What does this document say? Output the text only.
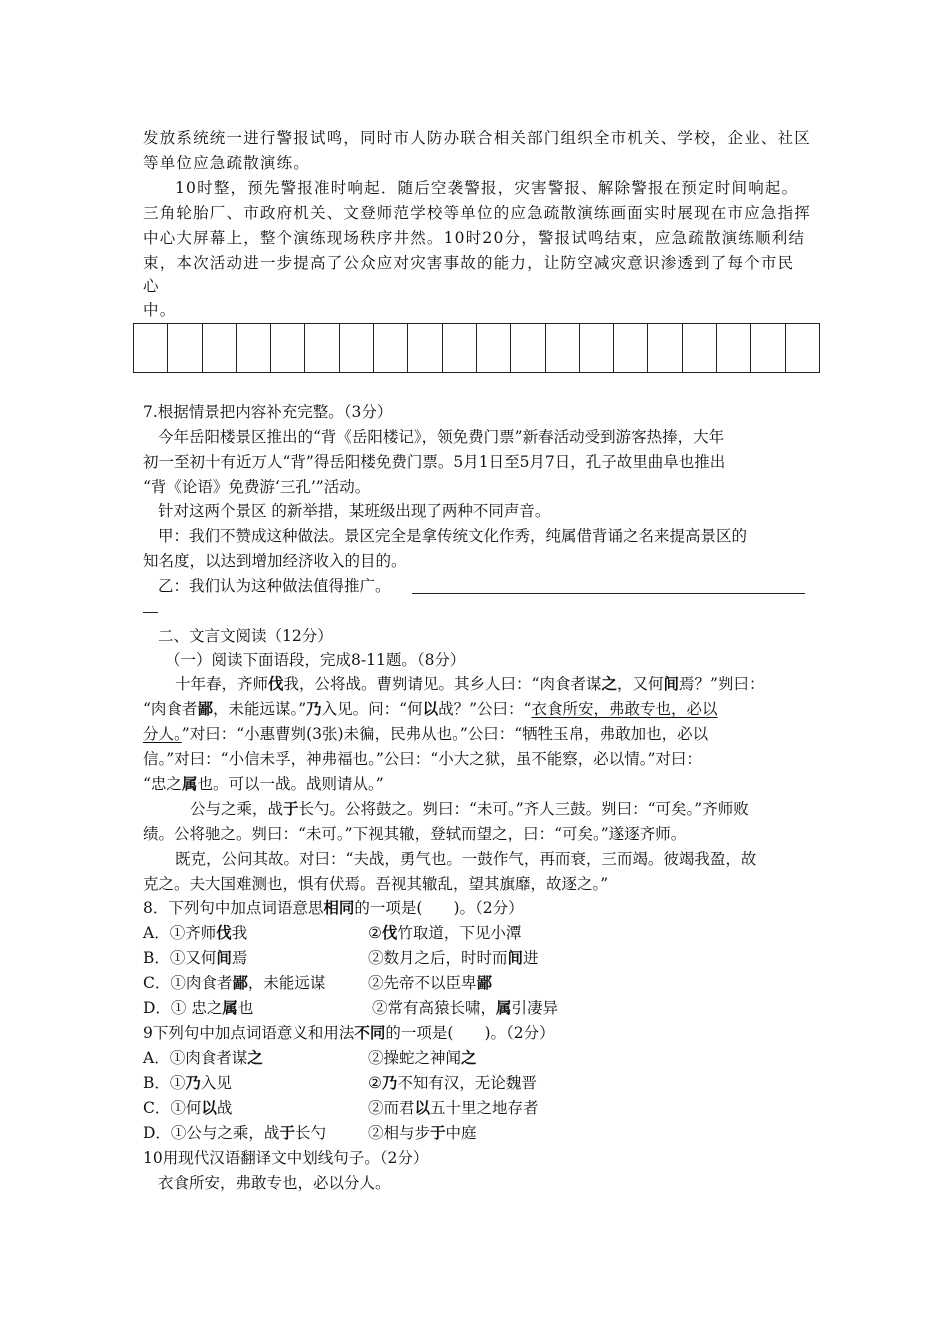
发放系统统一进行警报试鸣，同时市人防办联合相关部门组织全市机关、学校，企业、社区
等单位应急疏散演练。
10时整，预先警报准时响起．随后空袭警报，灾害警报、解除警报在预定时间响起。
三角轮胎厂、市政府机关、文登师范学校等单位的应急疏散演练画面实时展现在市应急指挥
中心大屏幕上，整个演练现场秩序井然。10时20分，警报试鸣结束，应急疏散演练顺利结
束，本次活动进一步提高了公众应对灾害事故的能力，让防空减灾意识渗透到了每个市民
心
中。
7.根据情景把内容补充完整。（3分）
今年岳阳楼景区推出的“背《岳阳楼记》，领免费门票”新春活动受到游客热捧，大年
初一至初十有近万人“背”得岳阳楼免费门票。5月1日至5月7日，孔子故里曲阜也推出
“背《论语》免费游‘三孔’”活动。
针对这两个景区 的新举措，某班级出现了两种不同声音。
甲：我们不赞成这种做法。景区完全是拿传统文化作秀，纯属借背诵之名来提高景区的
知名度，以达到增加经济收入的目的。
乙：我们认为这种做法值得推广。
二、文言文阅读（12分）
（一）阅读下面语段，完成8-11题。（8分）
十年春，齐师伐我，公将战。曹刿请见。其乡人曰：“肉食者谋之，又何间焉？”刿曰：
“肉食者鄙，未能远谋。”乃入见。问：“何以战？”公曰：“衣食所安，弗敢专也，必以
分人。”对曰：“小惠曹刿(3张)未徧，民弗从也。”公曰：“牺牲玉帛，弗敢加也，必以
信。”对曰：“小信未孚，神弗福也。”公曰：“小大之狱，虽不能察，必以情。”对曰：
“忠之属也。可以一战。战则请从。”
公与之乘，战于长勺。公将鼓之。刿曰：“未可。”齐人三鼓。刿曰：“可矣。”齐师败
绩。公将驰之。刿曰：“未可。”下视其辙，登轼而望之，曰：“可矣。”遂逐齐师。
既克，公问其故。对曰：“夫战，勇气也。一鼓作气，再而衰，三而竭。彼竭我盈，故
克之。夫大国难测也，惧有伏焉。吾视其辙乱，望其旗靡，故逐之。”
8．下列句中加点词语意思相同的一项是(　　)。（2分）
A．①齐师伐我	②伐竹取道，下见小潭
B．①又何间焉	②数月之后，时时而间进
C．①肉食者鄙，未能远谋	②先帝不以臣卑鄙
D．① 忠之属也	②常有高猿长啸，属引凄异
9下列句中加点词语意义和用法不同的一项是(　　)。（2分）
A．①肉食者谋之	②操蛇之神闻之
B．①乃入见	②乃不知有汉，无论魏晋
C．①何以战	②而君以五十里之地存者
D．①公与之乘，战于长勺	②相与步于中庭
10用现代汉语翻译文中划线句子。（2分）
衣食所安，弗敢专也，必以分人。
